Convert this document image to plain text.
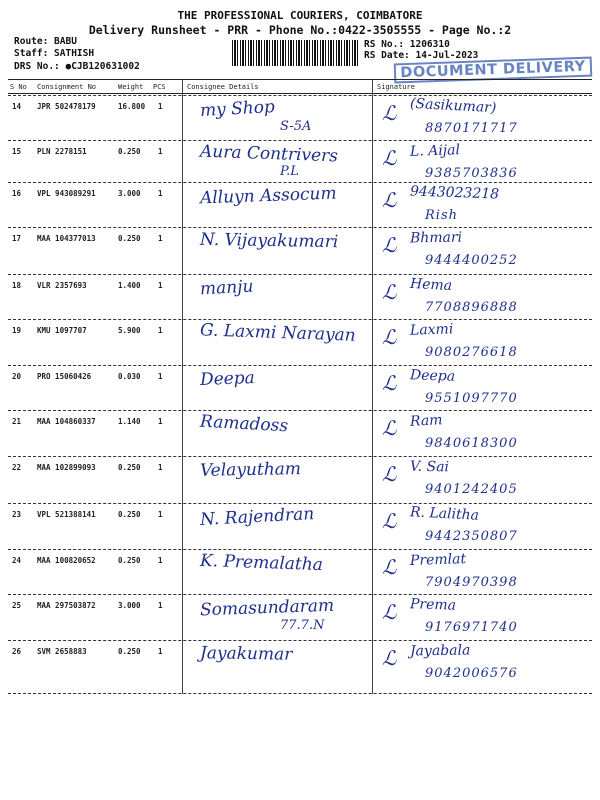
THE PROFESSIONAL COURIERS, COIMBATORE
Delivery Runsheet - PRR - Phone No.:0422-3505555 - Page No.:2
Route: BABU
Staff: SATHISH
DRS No.: ●CJB120631002
RS No.: 1206310
RS Date: 14-Jul-2023
DOCUMENT DELIVERY
S No Consignment No	Weight PCS	Consignee Details	Signature
14 JPR 502478179	16.800 1 my Shop
S-5A
ℒ (Sasikumar)
8870171717
15 PLN 2278151	0.250 1 Aura Contrivers
P.L
ℒ L. Aijal
9385703836
16 VPL 943089291	3.000 1 Alluyn Assocum ℒ 9443023218
Rish
17 MAA 104377013	0.250 1 N. Vijayakumari ℒ Bhmari
9444400252
18 VLR 2357693	1.400 1 manju	ℒ Hema
7708896888
19 KMU 1097707	5.900 1 G. Laxmi Narayan ℒ Laxmi
9080276618
20 PRO 15060426	0.030 1 Deepa	ℒ Deepa
9551097770
21 MAA 104860337	1.140 1 Ramadoss	ℒ Ram
9840618300
22 MAA 102899093	0.250 1 Velayutham	ℒ V. Sai
9401242405
23 VPL 521388141	0.250 1 N. Rajendran	ℒ R. Lalitha
9442350807
24 MAA 100820652	0.250 1 K. Premalatha	ℒ Premlat
7904970398
25 MAA 297503872	3.000 1 Somasundaram
77.7.N
ℒ Prema
9176971740
26 SVM 2658883	0.250 1 Jayakumar	ℒ Jayabala
9042006576
